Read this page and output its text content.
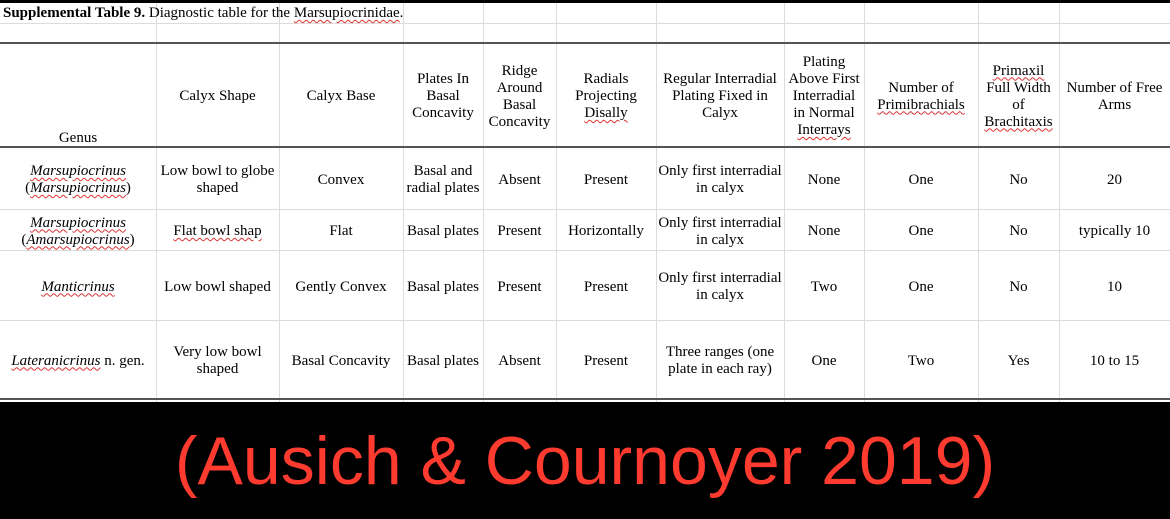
Supplemental Table 9. Diagnostic table for the Marsupiocrinidae.
Genus	Calyx Shape	Calyx Base	Plates In Basal Concavity	Ridge Around Basal Concavity	Radials Projecting Disally	Regular Interradial Plating Fixed in Calyx	Plating Above First Interradial in Normal Interrays	Number of Primibrachials	Primaxil Full Width of Brachitaxis	Number of Free Arms
Marsupiocrinus
(Marsupiocrinus)	Low bowl to globe shaped	Convex	Basal and radial plates	Absent	Present	Only first interradial in calyx	None	One	No	20
Marsupiocrinus
(Amarsupiocrinus)	Flat bowl shap	Flat	Basal plates	Present	Horizontally	Only first interradial in calyx	None	One	No	typically 10
Manticrinus	Low bowl shaped	Gently Convex	Basal plates	Present	Present	Only first interradial in calyx	Two	One	No	10
Lateranicrinus n. gen.	Very low bowl shaped	Basal Concavity	Basal plates	Absent	Present	Three ranges (one plate in each ray)	One	Two	Yes	10 to 15
(Ausich & Cournoyer 2019)
